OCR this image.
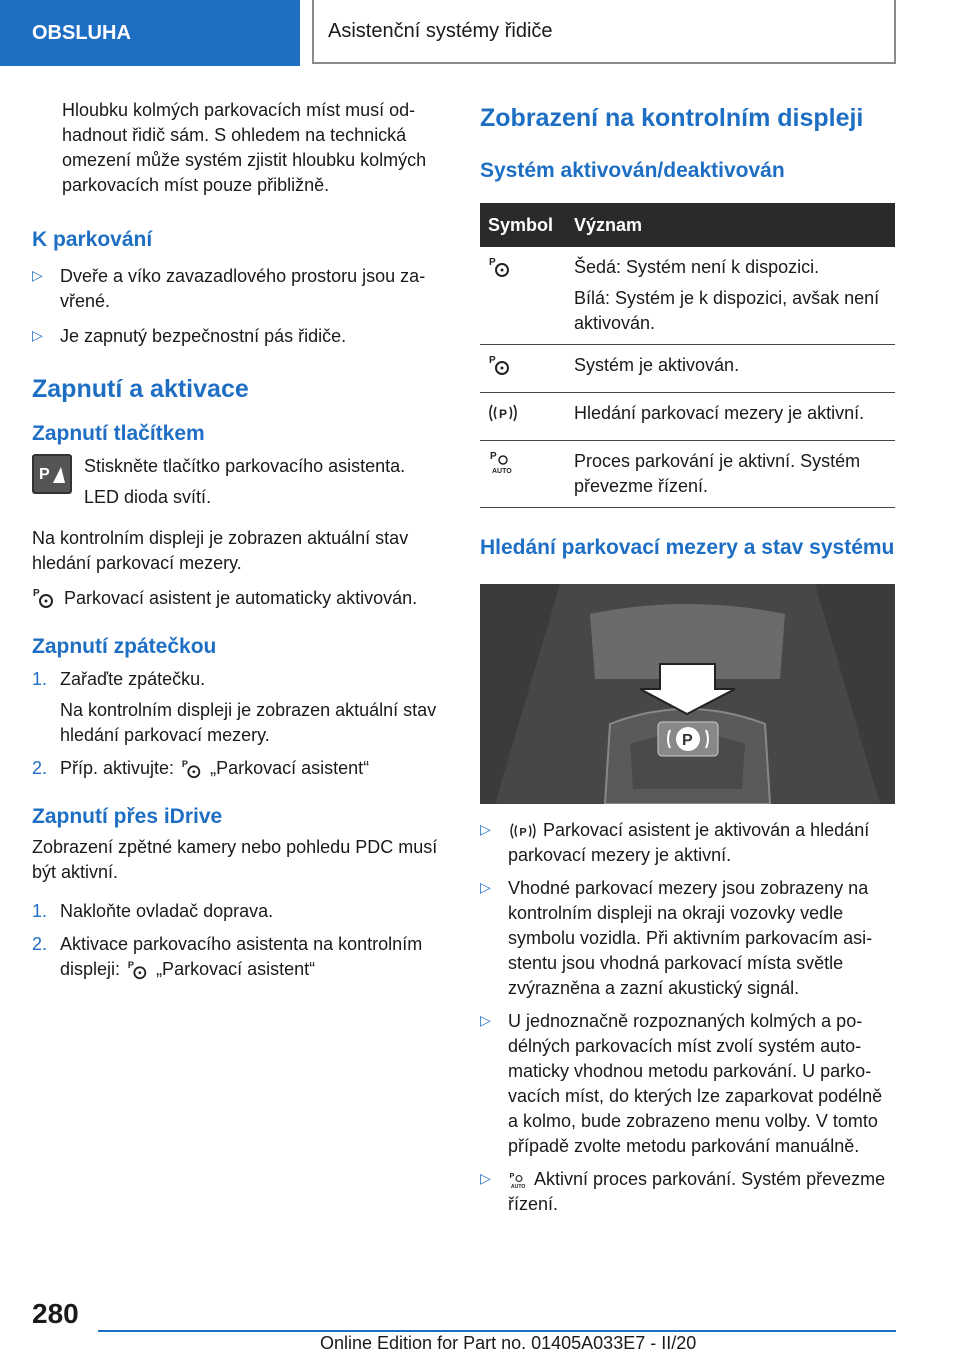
OBSLUHA	Asistenční systémy řidiče

Hloubku kolmých parkovacích míst musí odhadnout řidič sám. S ohledem na technická omezení může systém zjistit hloubku kolmých parkovacích míst pouze přibližně.

K parkování
▷ Dveře a víko zavazadlového prostoru jsou zavřené.

▷ Je zapnutý bezpečnostní pás řidiče.

Zapnutí a aktivace
Zapnutí tlačítkem
P Stiskněte tlačítko parkovacího asistenta.

LED dioda svítí.

Na kontrolním displeji je zobrazen aktuální stav hledání parkovací mezery.

P	Parkovací asistent je automaticky aktivován.

Zapnutí zpátečkou
1. Zařaďte zpátečku.

Na kontrolním displeji je zobrazen aktuální stav hledání parkovací mezery.

2. Příp. aktivujte: P „Parkovací asistent“

Zapnutí přes iDrive

Zobrazení zpětné kamery nebo pohledu PDC musí být aktivní.

1. Nakloňte ovladač doprava.

2. Aktivace parkovacího asistenta na kontrolním displeji: P „Parkovací asistent“

Zobrazení na kontrolním displeji
Systém aktivován/deaktivován
Symbol	Význam

P	Šedá: Systém není k dispozici.

Bílá: Systém je k dispozici, avšak není aktivován.

P	Systém je aktivován.

P	Hledání parkovací mezery je aktivní.

P
AUTO	Proces parkování je aktivní. Systém převezme řízení.
Hledání parkovací mezery a stav systému
P
▷	P Parkovací asistent je aktivován a hledání parkovací mezery je aktivní.

▷ Vhodné parkovací mezery jsou zobrazeny na kontrolním displeji na okraji vozovky vedle symbolu vozidla. Při aktivním parkovacím asistentu jsou vhodná parkovací místa světle zvýrazněna a zazní akustický signál.

▷ U jednoznačně rozpoznaných kolmých a podélných parkovacích míst zvolí systém automaticky vhodnou metodu parkování. U parkovacích míst, do kterých lze zaparkovat podélně a kolmo, bude zobrazeno menu volby. V tomto případě zvolte metodu parkování manuálně.

▷	P
AUTO Aktivní proces parkování. Systém převezme řízení.

280
Online Edition for Part no. 01405A033E7 - II/20
